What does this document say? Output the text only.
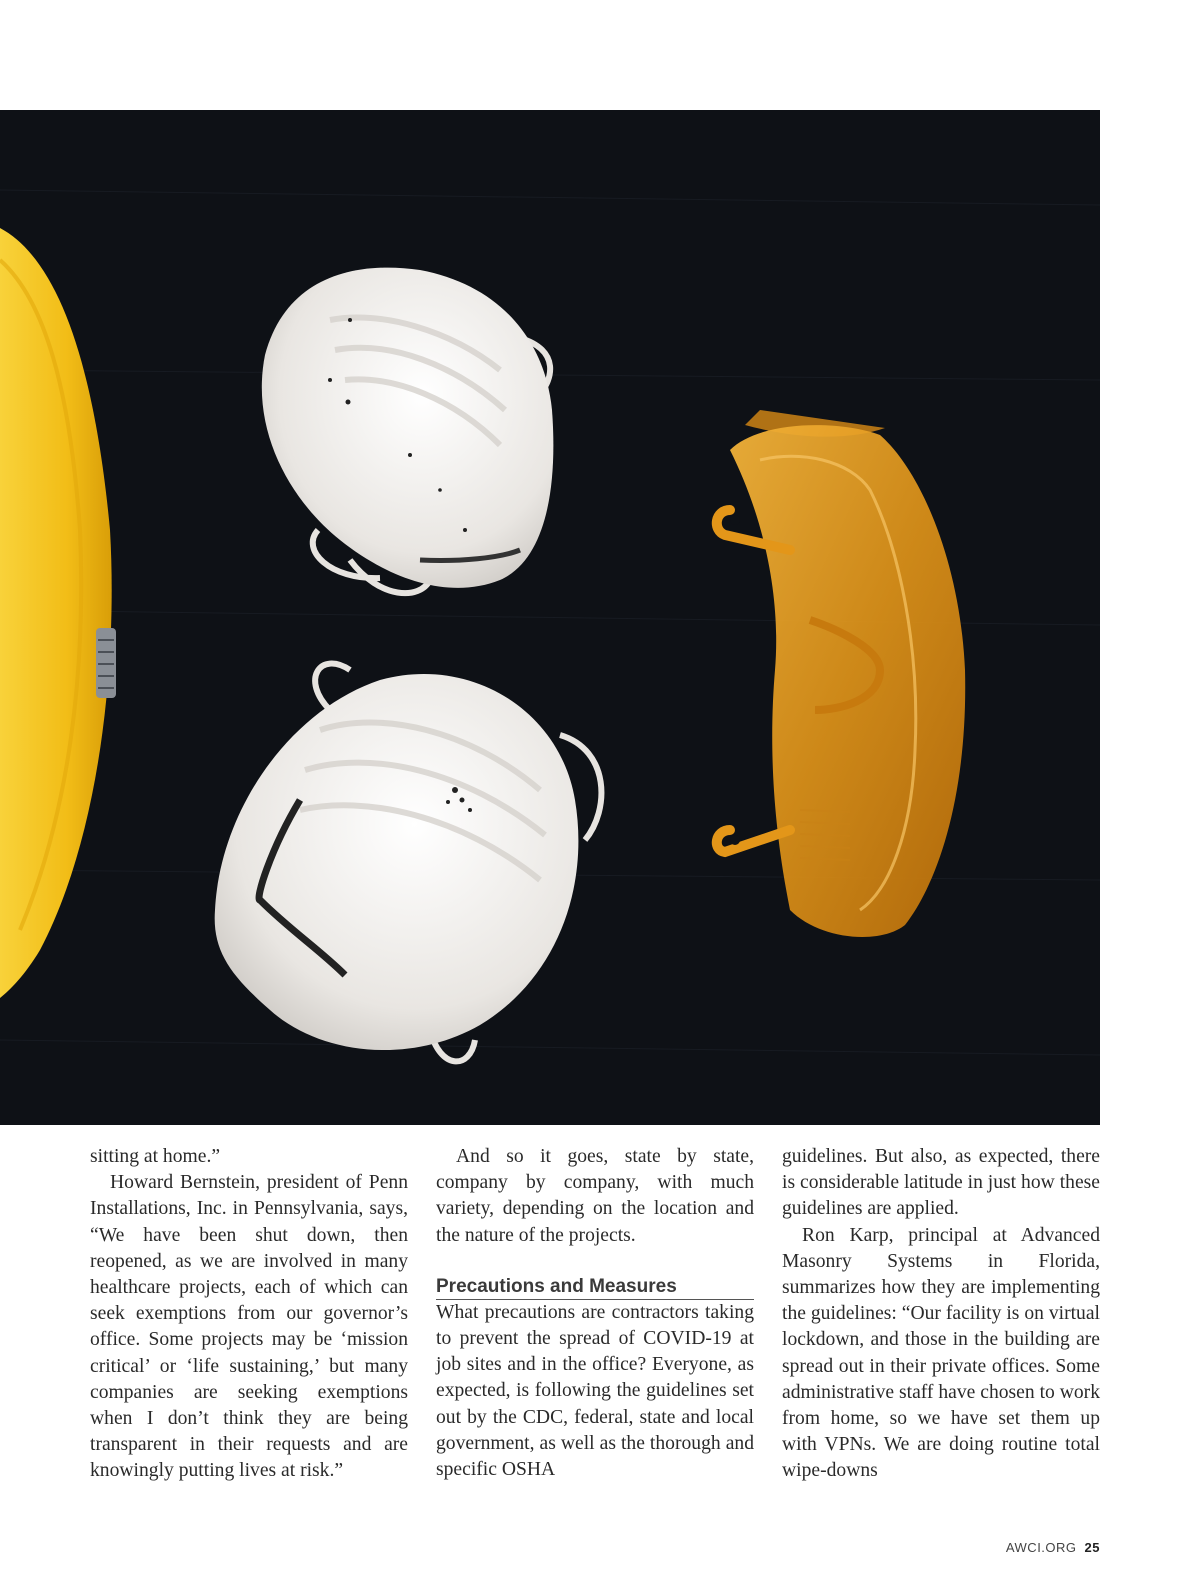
sitting at home.”

Howard Bernstein, president of Penn Installations, Inc. in Pennsylvania, says, “We have been shut down, then reopened, as we are involved in many healthcare projects, each of which can seek exemptions from our governor’s office. Some projects may be ‘mission critical’ or ‘life sustaining,’ but many companies are seeking exemptions when I don’t think they are being transparent in their requests and are knowingly putting lives at risk.”

And so it goes, state by state, company by company, with much variety, depending on the location and the nature of the projects.

Precautions and Measures

What precautions are contractors taking to prevent the spread of COVID-19 at job sites and in the office? Everyone, as expected, is following the guidelines set out by the CDC, federal, state and local government, as well as the thorough and specific OSHA

guidelines. But also, as expected, there is considerable latitude in just how these guidelines are applied.

Ron Karp, principal at Advanced Masonry Systems in Florida, summarizes how they are implementing the guidelines: “Our facility is on virtual lockdown, and those in the building are spread out in their private offices. Some administrative staff have chosen to work from home, so we have set them up with VPNs. We are doing routine total wipe-downs

AWCI.ORG 25
